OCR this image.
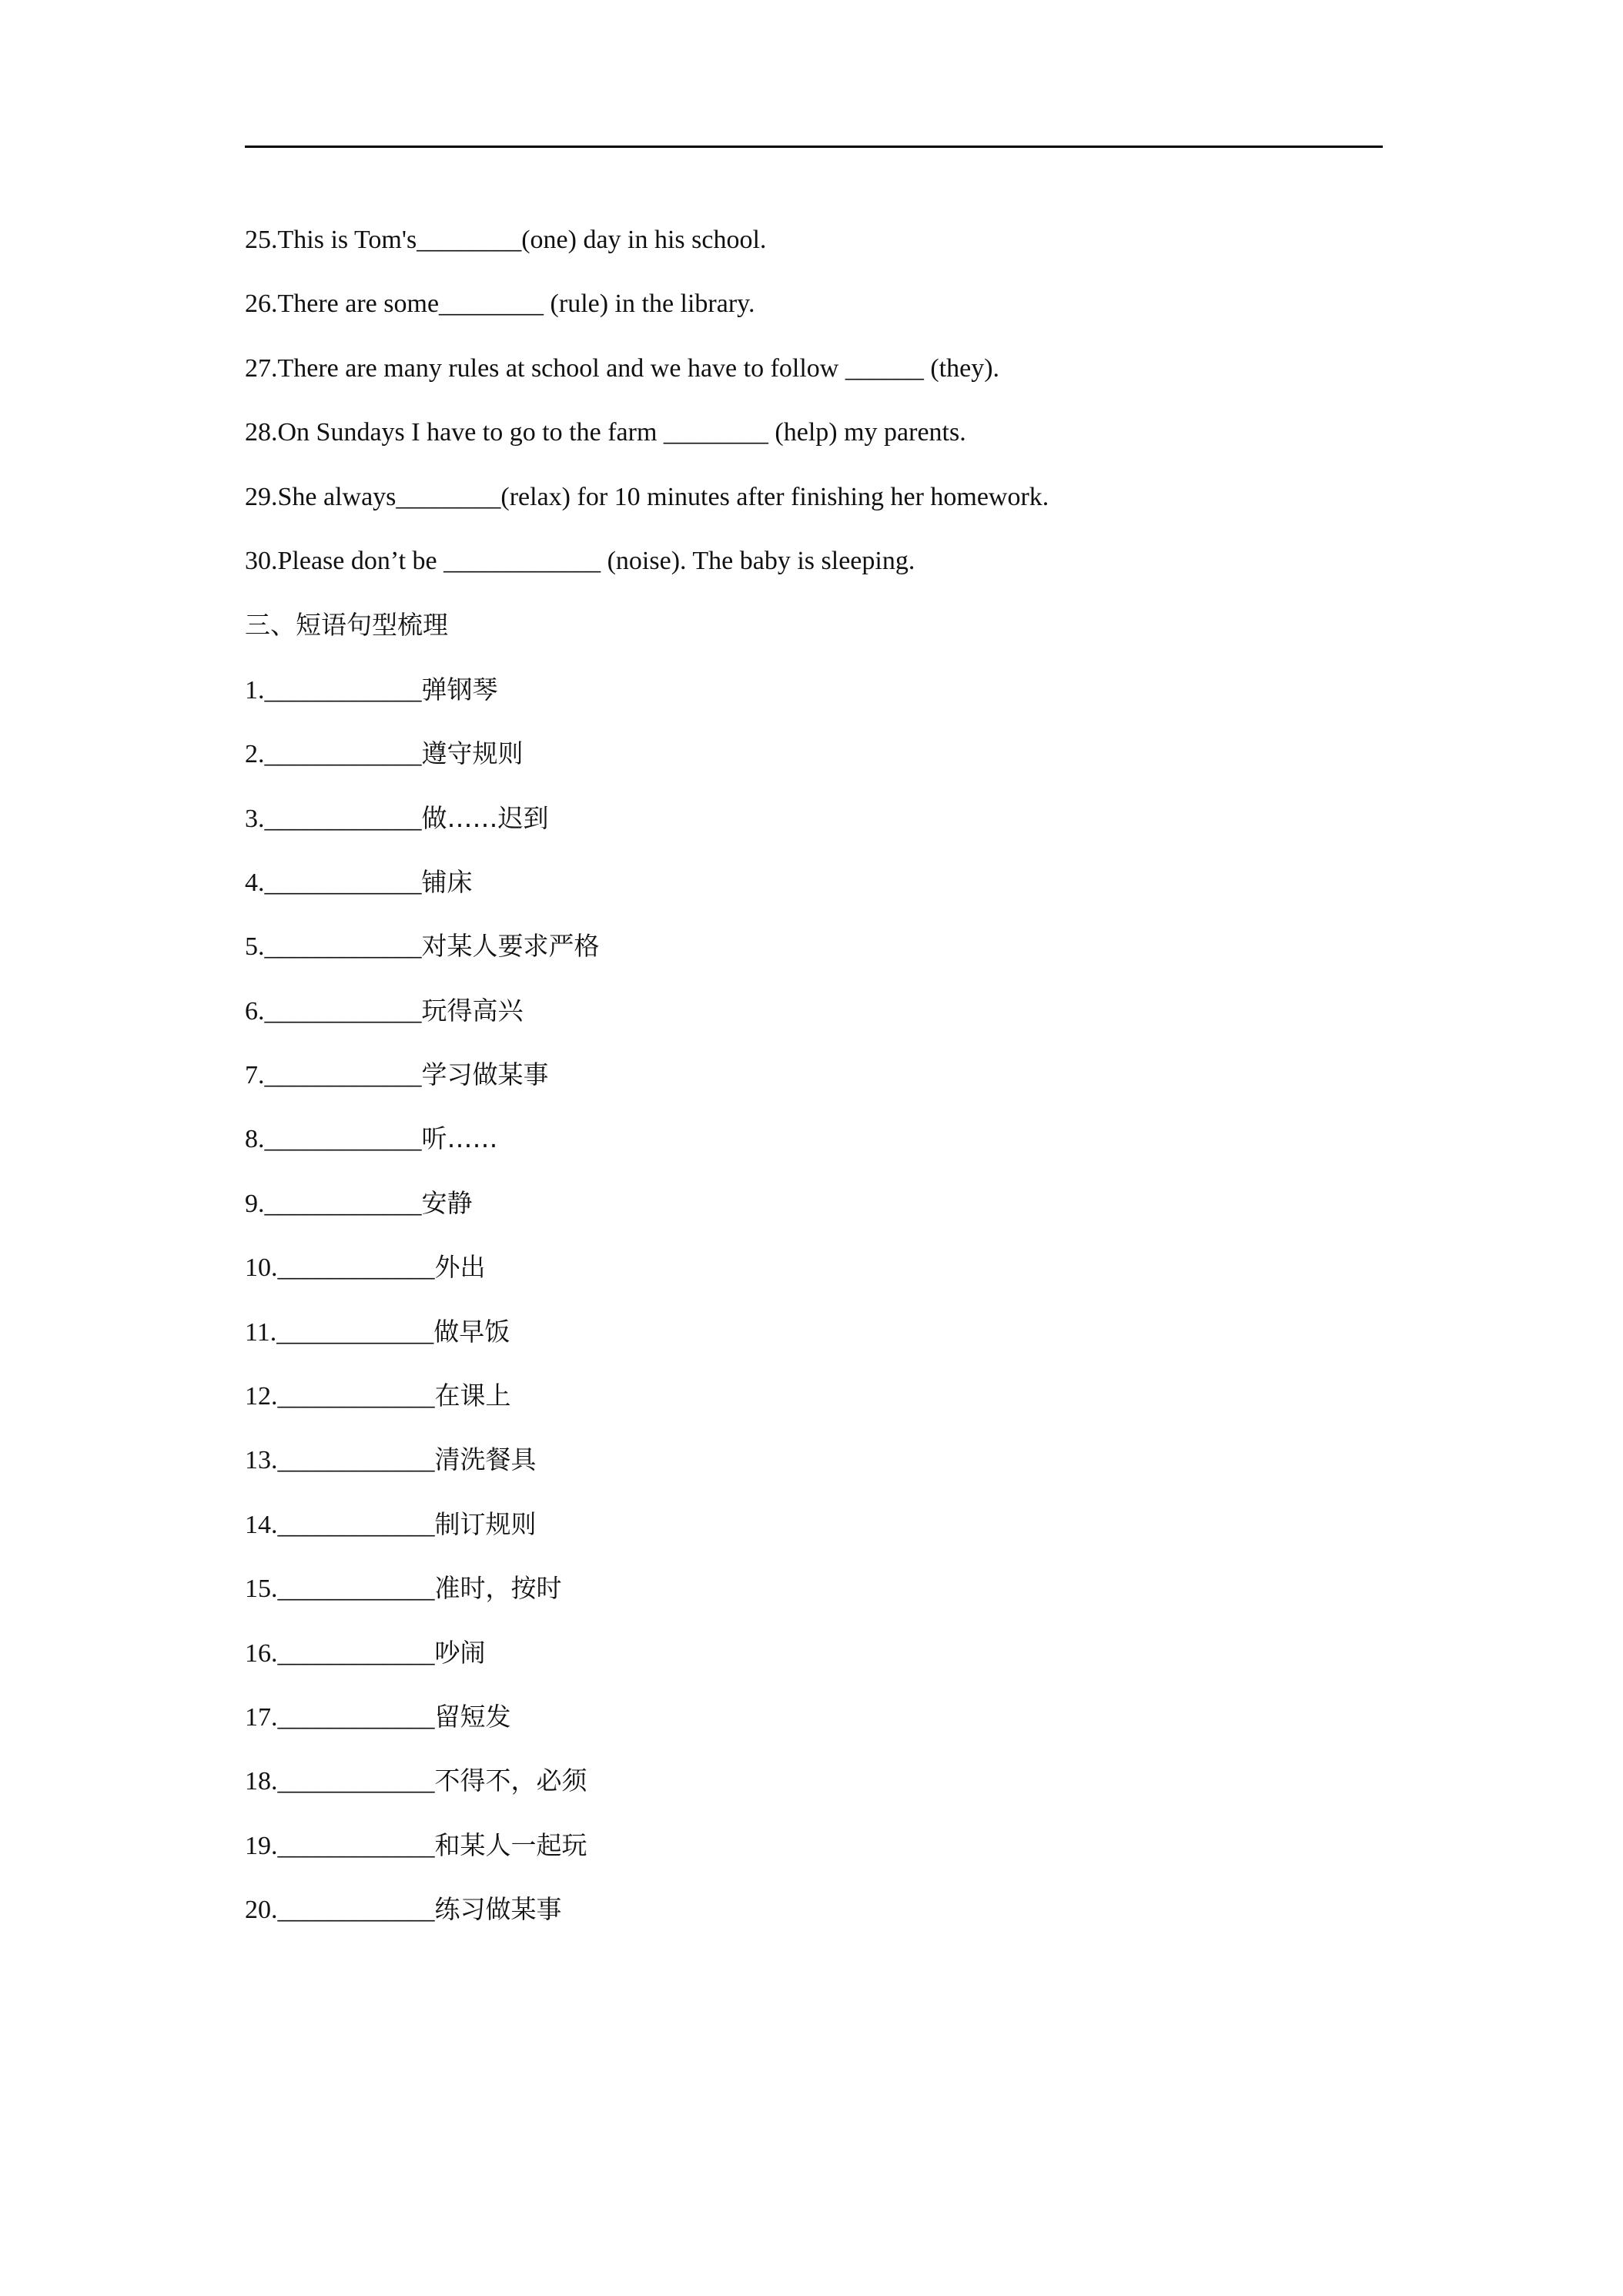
25.This is Tom's________(one) day in his school.

26.There are some________ (rule) in the library.

27.There are many rules at school and we have to follow ______ (they).

28.On Sundays I have to go to the farm ________ (help) my parents.

29.She always________(relax) for 10 minutes after finishing her homework.

30.Please don’t be ____________ (noise). The baby is sleeping.

三、短语句型梳理

1.____________弹钢琴

2.____________遵守规则

3.____________做……迟到

4.____________铺床

5.____________对某人要求严格

6.____________玩得高兴

7.____________学习做某事

8.____________听……

9.____________安静

10.____________外出

11.____________做早饭

12.____________在课上

13.____________清洗餐具

14.____________制订规则

15.____________准时，按时

16.____________吵闹

17.____________留短发

18.____________不得不，必须

19.____________和某人一起玩

20.____________练习做某事
